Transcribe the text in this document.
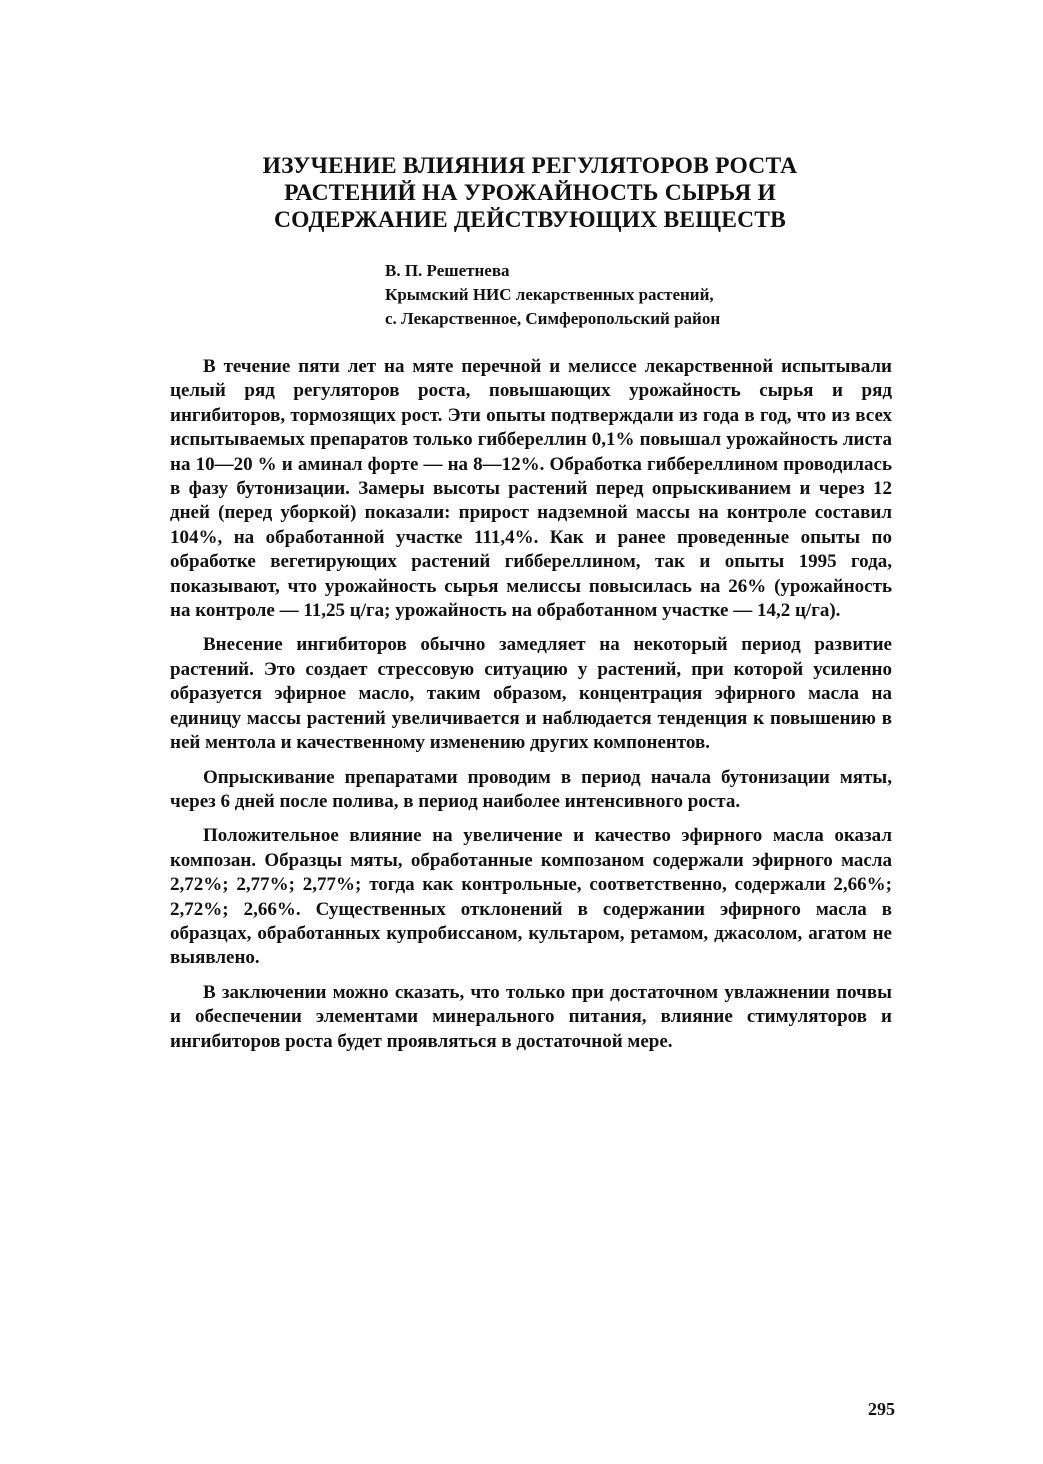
ИЗУЧЕНИЕ ВЛИЯНИЯ РЕГУЛЯТОРОВ РОСТА
РАСТЕНИЙ НА УРОЖАЙНОСТЬ СЫРЬЯ И
СОДЕРЖАНИЕ ДЕЙСТВУЮЩИХ ВЕЩЕСТВ
В. П. Решетнева
Крымский НИС лекарственных растений,
с. Лекарственное, Симферопольский район

В течение пяти лет на мяте перечной и мелиссе лекарственной испытывали целый ряд регуляторов роста, повышающих урожайность сырья и ряд ингибиторов, тормозящих рост. Эти опыты подтверждали из года в год, что из всех испытываемых препаратов только гиббереллин 0,1% повышал урожайность листа на 10—20 % и аминал форте — на 8—12%. Обработка гиббереллином проводилась в фазу бутонизации. Замеры высоты растений перед опрыскиванием и через 12 дней (перед уборкой) показали: прирост надземной массы на контроле составил 104%, на обработанной участке 111,4%. Как и ранее проведенные опыты по обработке вегетирующих растений гиббереллином, так и опыты 1995 года, показывают, что урожайность сырья мелиссы повысилась на 26% (урожайность на контроле — 11,25 ц/га; урожайность на обработанном участке — 14,2 ц/га).

Внесение ингибиторов обычно замедляет на некоторый период развитие растений. Это создает стрессовую ситуацию у растений, при которой усиленно образуется эфирное масло, таким образом, концентрация эфирного масла на единицу массы растений увеличивается и наблюдается тенденция к повышению в ней ментола и качественному изменению других компонентов.

Опрыскивание препаратами проводим в период начала бутонизации мяты, через 6 дней после полива, в период наиболее интенсивного роста.

Положительное влияние на увеличение и качество эфирного масла оказал композан. Образцы мяты, обработанные композаном содержали эфирного масла 2,72%; 2,77%; 2,77%; тогда как контрольные, соответственно, содержали 2,66%; 2,72%; 2,66%. Существенных отклонений в содержании эфирного масла в образцах, обработанных купробиссаном, культаром, ретамом, джасолом, агатом не выявлено.

В заключении можно сказать, что только при достаточном увлажнении почвы и обеспечении элементами минерального питания, влияние стимуляторов и ингибиторов роста будет проявляться в достаточной мере.

295
